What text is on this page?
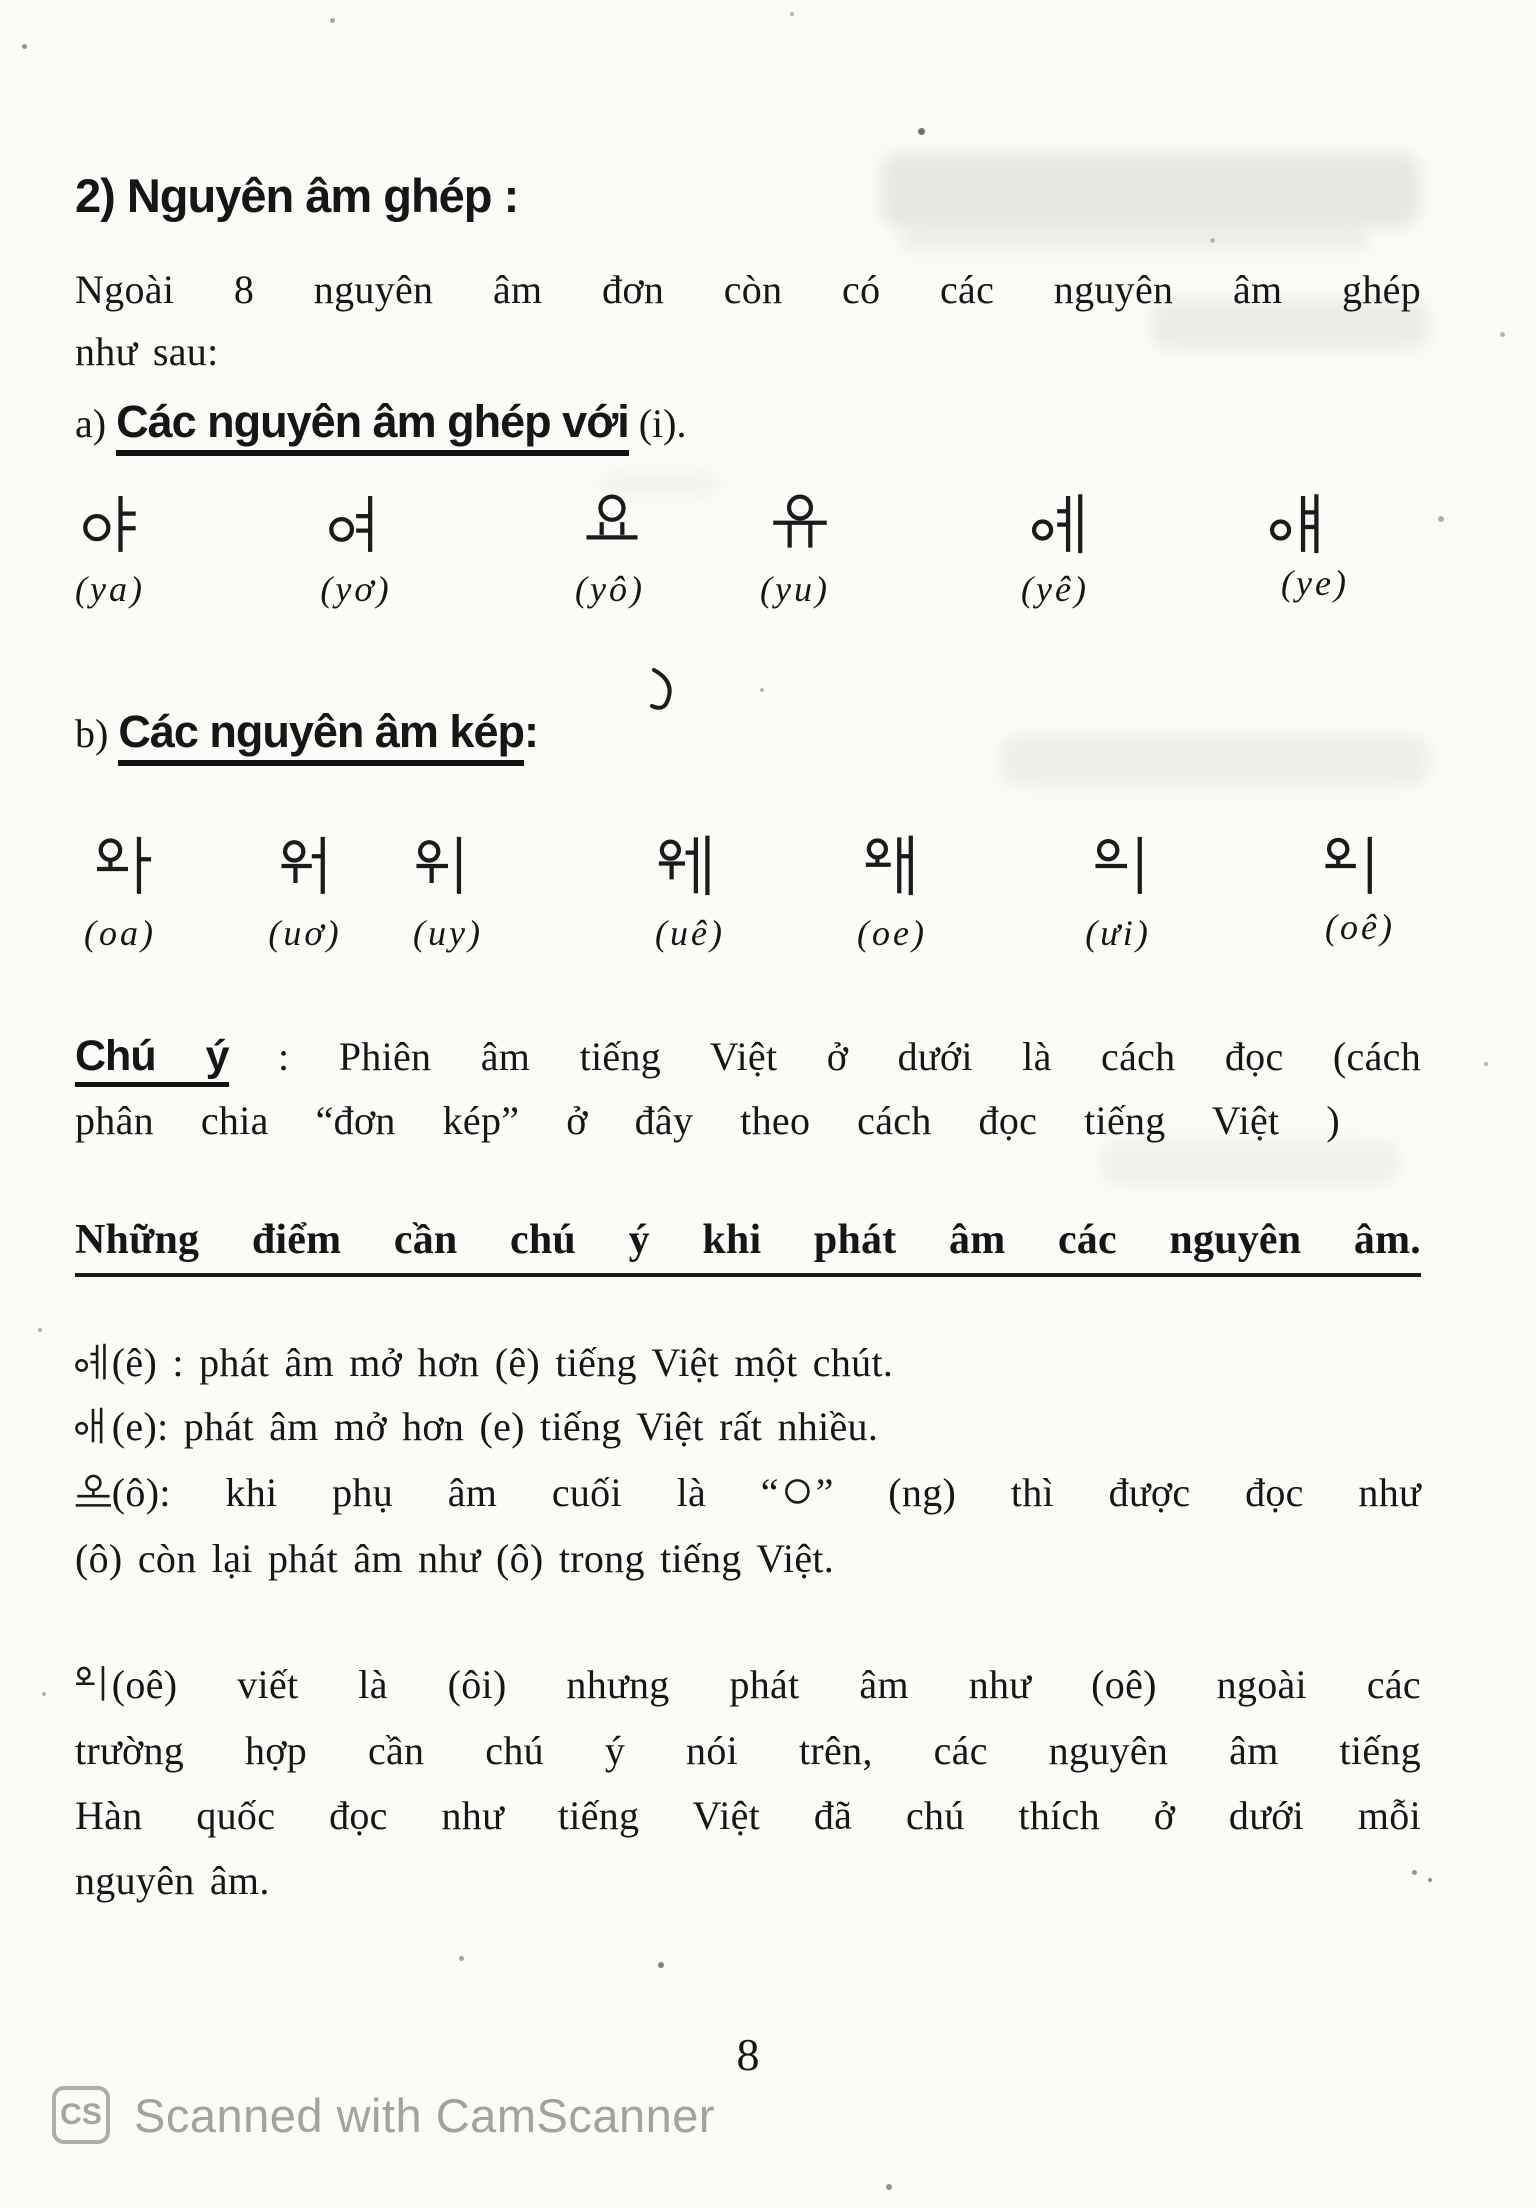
2) Nguyên âm ghép :
Ngoài 8 nguyên âm đơn còn có các nguyên âm ghép
như sau:
a) Các nguyên âm ghép với (i).
(ya)	(yơ)	(yô)	(yu)	(yê)	(ye)
b) Các nguyên âm kép:
(oa)	(uơ) (uy)	(uê)	(oe)	(ưi)	(oê)
Chú ý : Phiên âm tiếng Việt ở dưới là cách đọc (cách
phân chia “đơn kép” ở đây theo cách đọc tiếng Việt )
Những điểm cần chú ý khi phát âm các nguyên âm.
(ê) : phát âm mở hơn (ê) tiếng Việt một chút.
(e): phát âm mở hơn (e) tiếng Việt rất nhiều.
(ô): khi phụ âm cuối là “ ” (ng) thì được đọc như
(ô) còn lại phát âm như (ô) trong tiếng Việt.
(oê) viết là (ôi) nhưng phát âm như (oê) ngoài các
trường hợp cần chú ý nói trên, các nguyên âm tiếng
Hàn quốc đọc như tiếng Việt đã chú thích ở dưới mỗi
nguyên âm.
8
CS Scanned with CamScanner
